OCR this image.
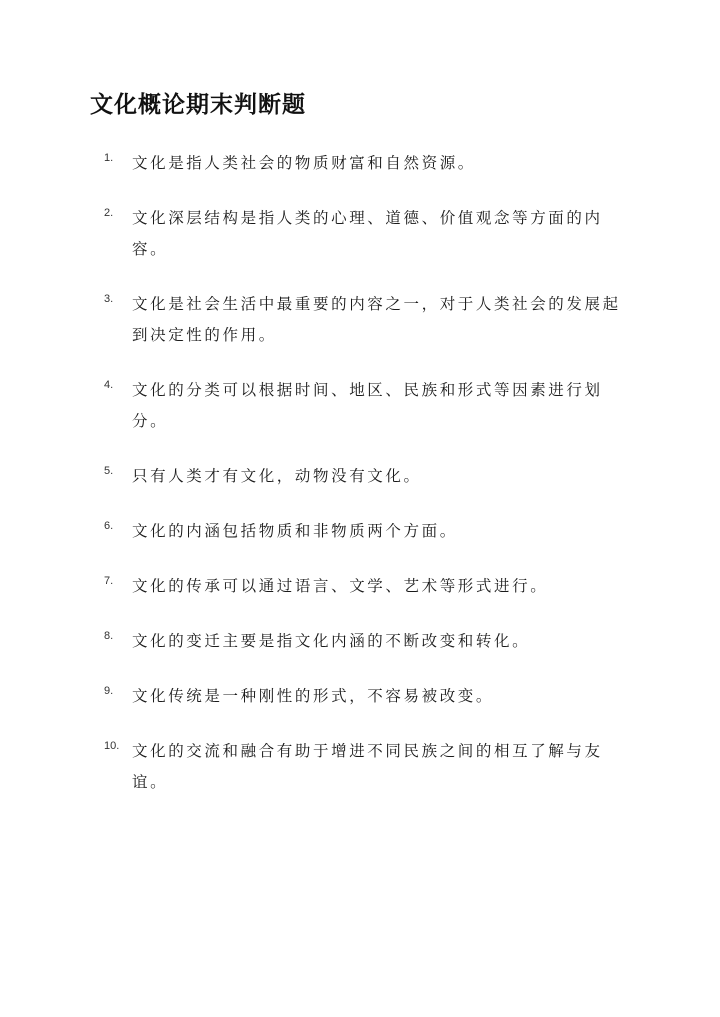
文化概论期末判断题
1.	文化是指人类社会的物质财富和自然资源。
2.	文化深层结构是指人类的心理、道德、价值观念等方面的内容。
3.	文化是社会生活中最重要的内容之一，对于人类社会的发展起到决定性的作用。
4.	文化的分类可以根据时间、地区、民族和形式等因素进行划分。
5.	只有人类才有文化，动物没有文化。
6.	文化的内涵包括物质和非物质两个方面。
7.	文化的传承可以通过语言、文学、艺术等形式进行。
8.	文化的变迁主要是指文化内涵的不断改变和转化。
9.	文化传统是一种刚性的形式，不容易被改变。
10. 文化的交流和融合有助于增进不同民族之间的相互了解与友谊。
